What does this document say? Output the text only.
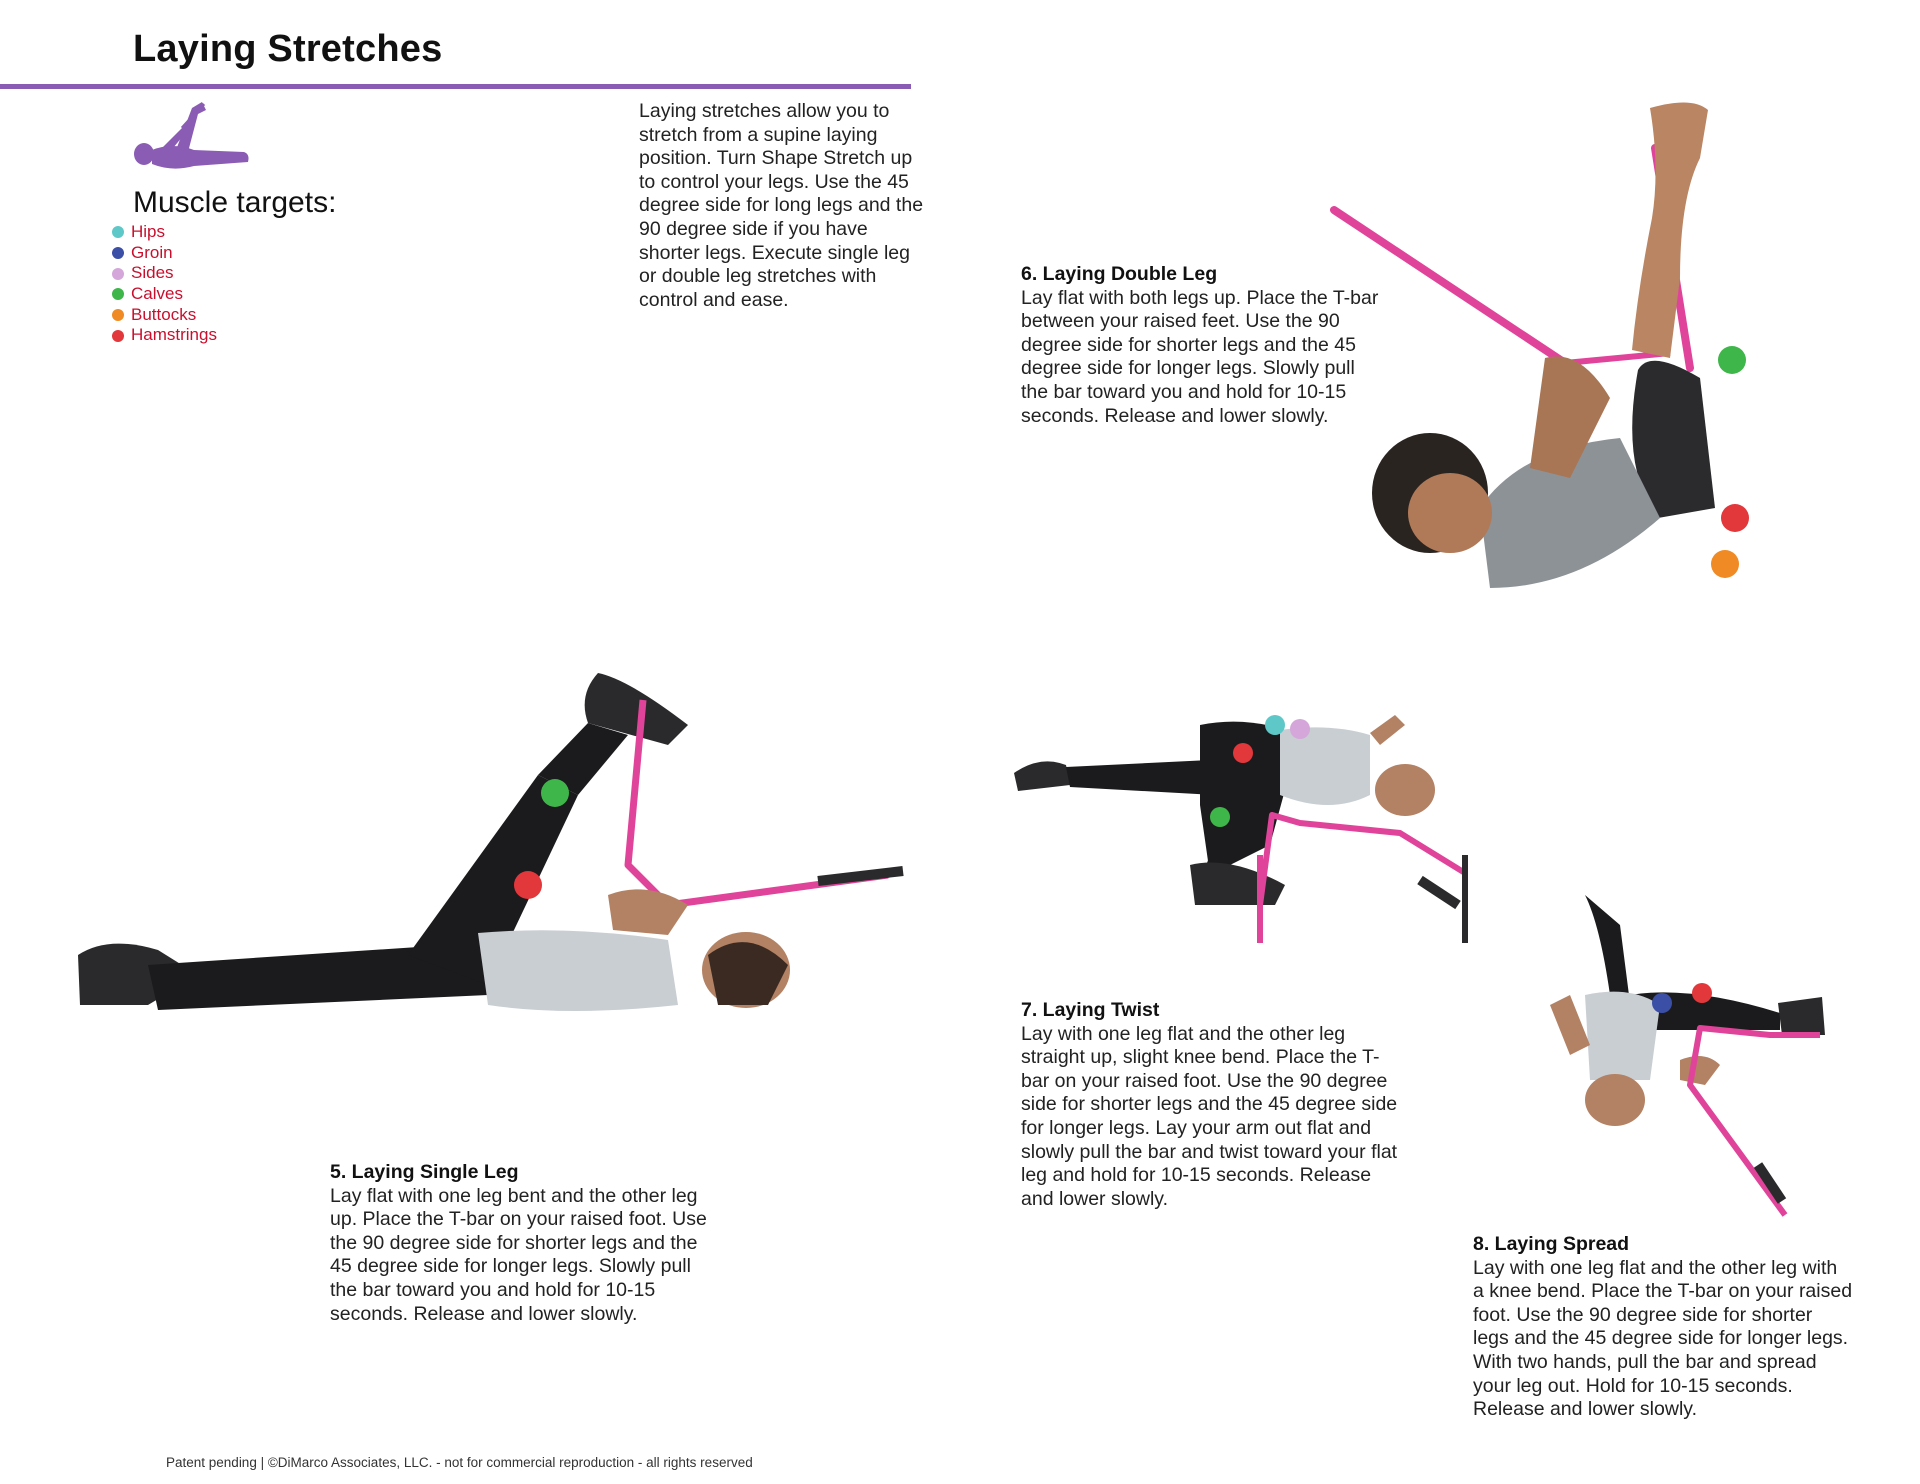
Laying Stretches
Muscle targets:
Hips
Groin
Sides
Calves
Buttocks
Hamstrings
Laying stretches allow you to stretch from a supine laying position. Turn Shape Stretch up to control your legs. Use the 45 degree side for long legs and the 90 degree side if you have shorter legs. Execute single leg or double leg stretches with control and ease.
6. Laying Double Leg
Lay flat with both legs up. Place the T-bar between your raised feet. Use the 90 degree side for shorter legs and the 45 degree side for longer legs. Slowly pull the bar toward you and hold for 10-15 seconds. Release and lower slowly.
5. Laying Single Leg
Lay flat with one leg bent and the other leg up. Place the T-bar on your raised foot. Use the 90 degree side for shorter legs and the 45 degree side for longer legs. Slowly pull the bar toward you and hold for 10-15 seconds. Release and lower slowly.
7. Laying Twist
Lay with one leg flat and the other leg straight up, slight knee bend. Place the T-bar on your raised foot. Use the 90 degree side for shorter legs and the 45 degree side for longer legs. Lay your arm out flat and slowly pull the bar and twist toward your flat leg and hold for 10-15 seconds. Release and lower slowly.
8. Laying Spread
Lay with one leg flat and the other leg with a knee bend. Place the T-bar on your raised foot. Use the 90 degree side for shorter legs and the 45 degree side for longer legs. With two hands, pull the bar and spread your leg out. Hold for 10-15 seconds. Release and lower slowly.
Patent pending | ©DiMarco Associates, LLC. - not for commercial reproduction - all rights reserved
